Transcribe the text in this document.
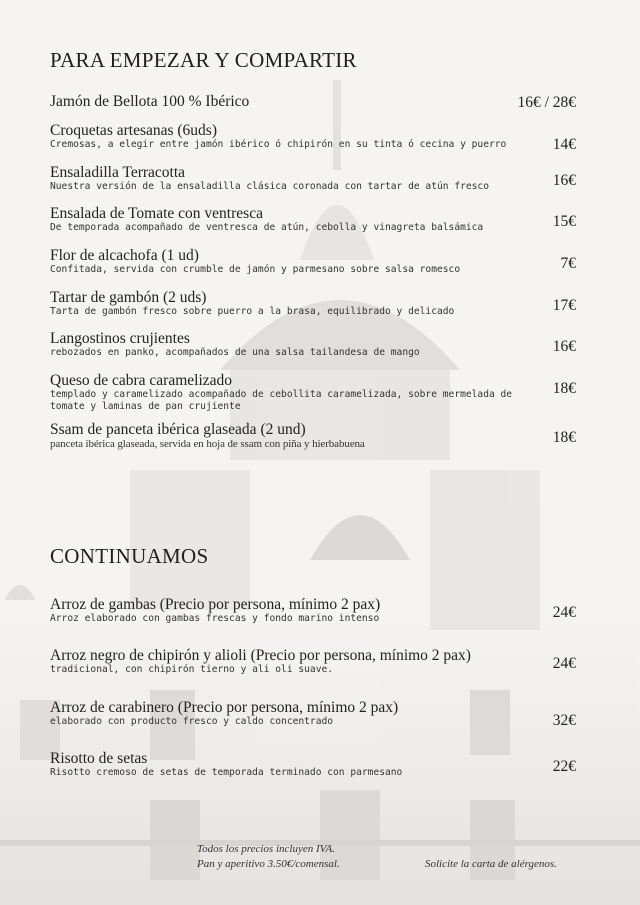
PARA EMPEZAR Y COMPARTIR
Jamón de Bellota 100 % Ibérico	16€ / 28€
Croquetas artesanas (6uds)
Cremosas, a elegir entre jamón ibérico ó chipirón en su tinta ó cecina y puerro	14€
Ensaladilla Terracotta
Nuestra versión de la ensaladilla clásica coronada con tartar de atún fresco	16€
Ensalada de Tomate con ventresca
De temporada acompañado de ventresca de atún, cebolla y vinagreta balsámica	15€
Flor de alcachofa (1 ud)
Confitada, servida con crumble de jamón y parmesano sobre salsa romesco	7€
Tartar de gambón (2 uds)
Tarta de gambón fresco sobre puerro a la brasa, equilibrado y delicado	17€
Langostinos crujientes
rebozados en panko, acompañados de una salsa tailandesa de mango	16€
Queso de cabra caramelizado
templado y caramelizado acompañado de cebollita caramelizada, sobre mermelada de tomate y laminas de pan crujiente
18€
Ssam de panceta ibérica glaseada (2 und)
panceta ibérica glaseada, servida en hoja de ssam con piña y hierbabuena	18€
CONTINUAMOS
Arroz de gambas (Precio por persona, mínimo 2 pax)
Arroz elaborado con gambas frescas y fondo marino intenso	24€
Arroz negro de chipirón y alioli (Precio por persona, mínimo 2 pax)
tradicional, con chipirón tierno y ali oli suave.	24€
Arroz de carabinero (Precio por persona, mínimo 2 pax)
elaborado con producto fresco y caldo concentrado	32€
Risotto de setas
Risotto cremoso de setas de temporada terminado con parmesano	22€
Todos los precios incluyen IVA.
Pan y aperitivo 3.50€/comensal.	Solicite la carta de alérgenos.
